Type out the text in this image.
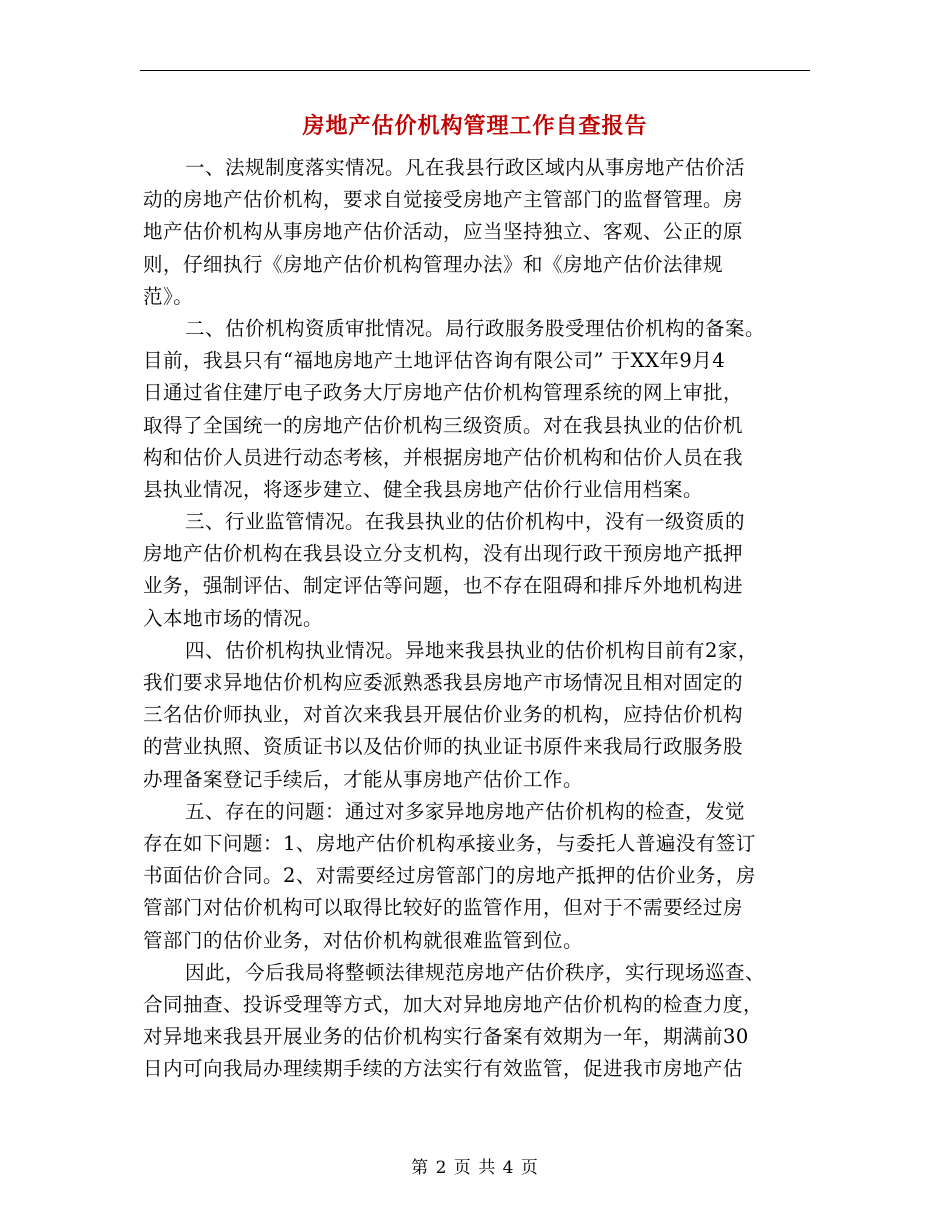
房地产估价机构管理工作自查报告
一、法规制度落实情况。凡在我县行政区域内从事房地产估价活
动的房地产估价机构，要求自觉接受房地产主管部门的监督管理。房
地产估价机构从事房地产估价活动，应当坚持独立、客观、公正的原
则，仔细执行《房地产估价机构管理办法》和《房地产估价法律规
范》。
二、估价机构资质审批情况。局行政服务股受理估价机构的备案。
目前，我县只有“福地房地产土地评估咨询有限公司” 于XX年9月4
日通过省住建厅电子政务大厅房地产估价机构管理系统的网上审批，
取得了全国统一的房地产估价机构三级资质。对在我县执业的估价机
构和估价人员进行动态考核，并根据房地产估价机构和估价人员在我
县执业情况，将逐步建立、健全我县房地产估价行业信用档案。
三、行业监管情况。在我县执业的估价机构中，没有一级资质的
房地产估价机构在我县设立分支机构，没有出现行政干预房地产抵押
业务，强制评估、制定评估等问题，也不存在阻碍和排斥外地机构进
入本地市场的情况。
四、估价机构执业情况。异地来我县执业的估价机构目前有2家，
我们要求异地估价机构应委派熟悉我县房地产市场情况且相对固定的
三名估价师执业，对首次来我县开展估价业务的机构，应持估价机构
的营业执照、资质证书以及估价师的执业证书原件来我局行政服务股
办理备案登记手续后，才能从事房地产估价工作。
五、存在的问题：通过对多家异地房地产估价机构的检查，发觉
存在如下问题：1、房地产估价机构承接业务，与委托人普遍没有签订
书面估价合同。2、对需要经过房管部门的房地产抵押的估价业务，房
管部门对估价机构可以取得比较好的监管作用，但对于不需要经过房
管部门的估价业务，对估价机构就很难监管到位。
因此，今后我局将整顿法律规范房地产估价秩序，实行现场巡查、
合同抽查、投诉受理等方式，加大对异地房地产估价机构的检查力度，
对异地来我县开展业务的估价机构实行备案有效期为一年，期满前30
日内可向我局办理续期手续的方法实行有效监管，促进我市房地产估
第 2 页 共 4 页
